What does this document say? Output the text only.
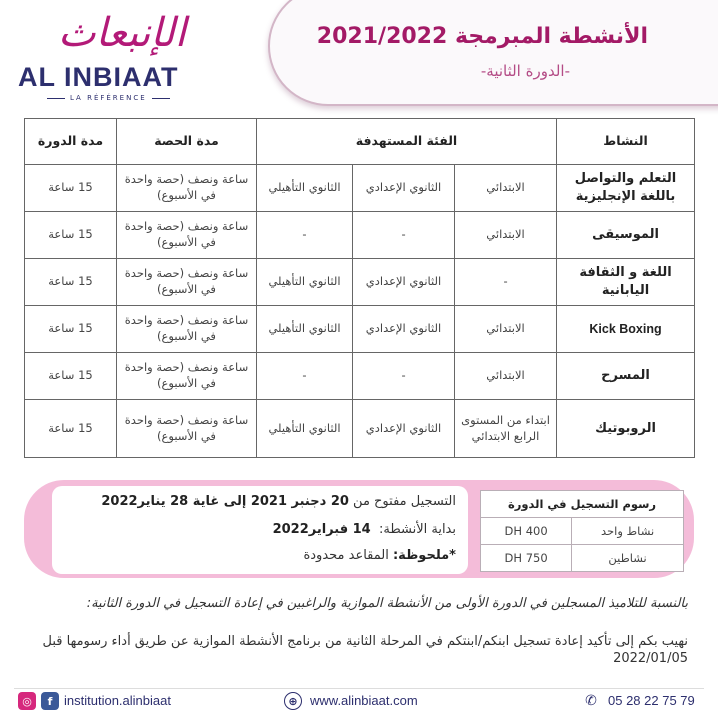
الأنشطة المبرمجة 2021/2022
-الدورة الثانية-
الإنبعاث
AL INBIAAT
LA RÉFÉRENCE
النشاط	الفئة المستهدفة			مدة الحصة	مدة الدورة
التعلم والتواصل باللغة الإنجليزية	الابتدائي	الثانوي الإعدادي	الثانوي التأهيلي	ساعة ونصف (حصة واحدة في الأسبوع)	15 ساعة
الموسيقى	الابتدائي	-	-	ساعة ونصف (حصة واحدة في الأسبوع)	15 ساعة
اللغة و الثقافة اليابانية	-	الثانوي الإعدادي	الثانوي التأهيلي	ساعة ونصف (حصة واحدة في الأسبوع)	15 ساعة
Kick Boxing	الابتدائي	الثانوي الإعدادي	الثانوي التأهيلي	ساعة ونصف (حصة واحدة في الأسبوع)	15 ساعة
المسرح	الابتدائي	-	-	ساعة ونصف (حصة واحدة في الأسبوع)	15 ساعة
الروبوتيك	ابتداء من المستوى الرابع الابتدائي	الثانوي الإعدادي	الثانوي التأهيلي	ساعة ونصف (حصة واحدة في الأسبوع)	15 ساعة
التسجيل مفتوح من 20 دجنبر 2021 إلى غاية 28 يناير2022
بداية الأنشطة:  14 فبراير2022
*ملحوظة: المقاعد محدودة
رسوم التسجيل في الدورة	
نشاط واحد	400 DH
نشاطين	750 DH
بالنسبة للتلاميذ المسجلين في الدورة الأولى من الأنشطة الموازية والراغبين في إعادة التسجيل في الدورة الثانية:
نهيب بكم إلى تأكيد إعادة تسجيل ابنكم/ابنتكم في المرحلة الثانية من برنامج الأنشطة الموازية عن طريق أداء رسومها قبل 2022/01/05
◎	f institution.alinbiaat	⊕ www.alinbiaat.com	✆ 05 28 22 75 79
